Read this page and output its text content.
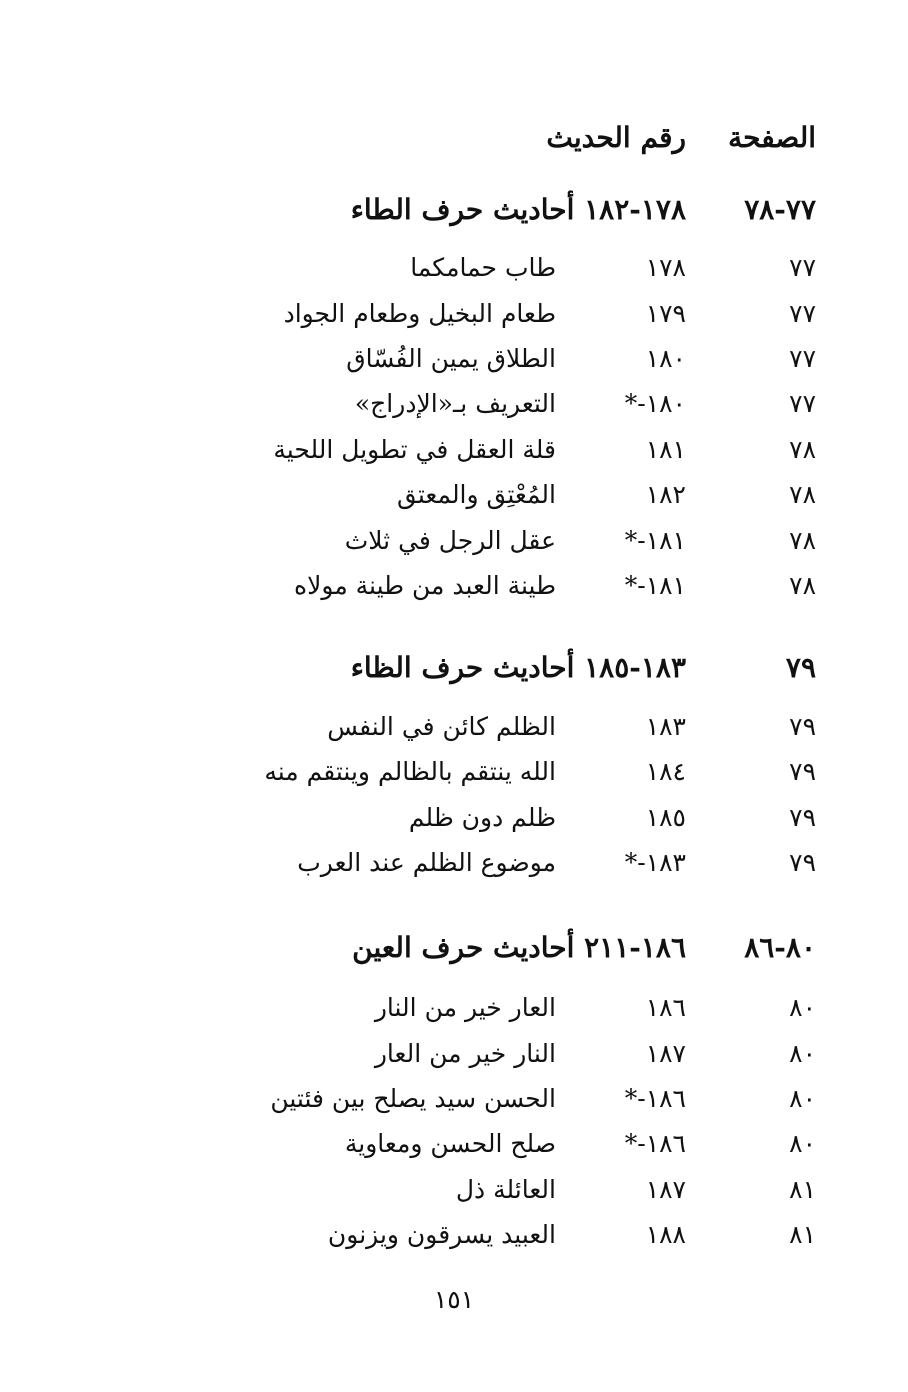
الصفحة
رقم الحديث
٧٧-٧٨
١٧٨-١٨٢ أحاديث حرف الطاء
٧٧
١٧٨
طاب حمامكما
٧٧
١٧٩
طعام البخيل وطعام الجواد
٧٧
١٨٠
الطلاق يمين الفُسّاق
٧٧
١٨٠-*
التعريف بـ«الإدراج»
٧٨
١٨١
قلة العقل في تطويل اللحية
٧٨
١٨٢
المُعْتِق والمعتق
٧٨
١٨١-*
عقل الرجل في ثلاث
٧٨
١٨١-*
طينة العبد من طينة مولاه
٧٩
١٨٣-١٨٥ أحاديث حرف الظاء
٧٩
١٨٣
الظلم كائن في النفس
٧٩
١٨٤
الله ينتقم بالظالم وينتقم منه
٧٩
١٨٥
ظلم دون ظلم
٧٩
١٨٣-*
موضوع الظلم عند العرب
٨٠-٨٦
١٨٦-٢١١ أحاديث حرف العين
٨٠
١٨٦
العار خير من النار
٨٠
١٨٧
النار خير من العار
٨٠
١٨٦-*
الحسن سيد يصلح بين فئتين
٨٠
١٨٦-*
صلح الحسن ومعاوية
٨١
١٨٧
العائلة ذل
٨١
١٨٨
العبيد يسرقون ويزنون
١٥١
